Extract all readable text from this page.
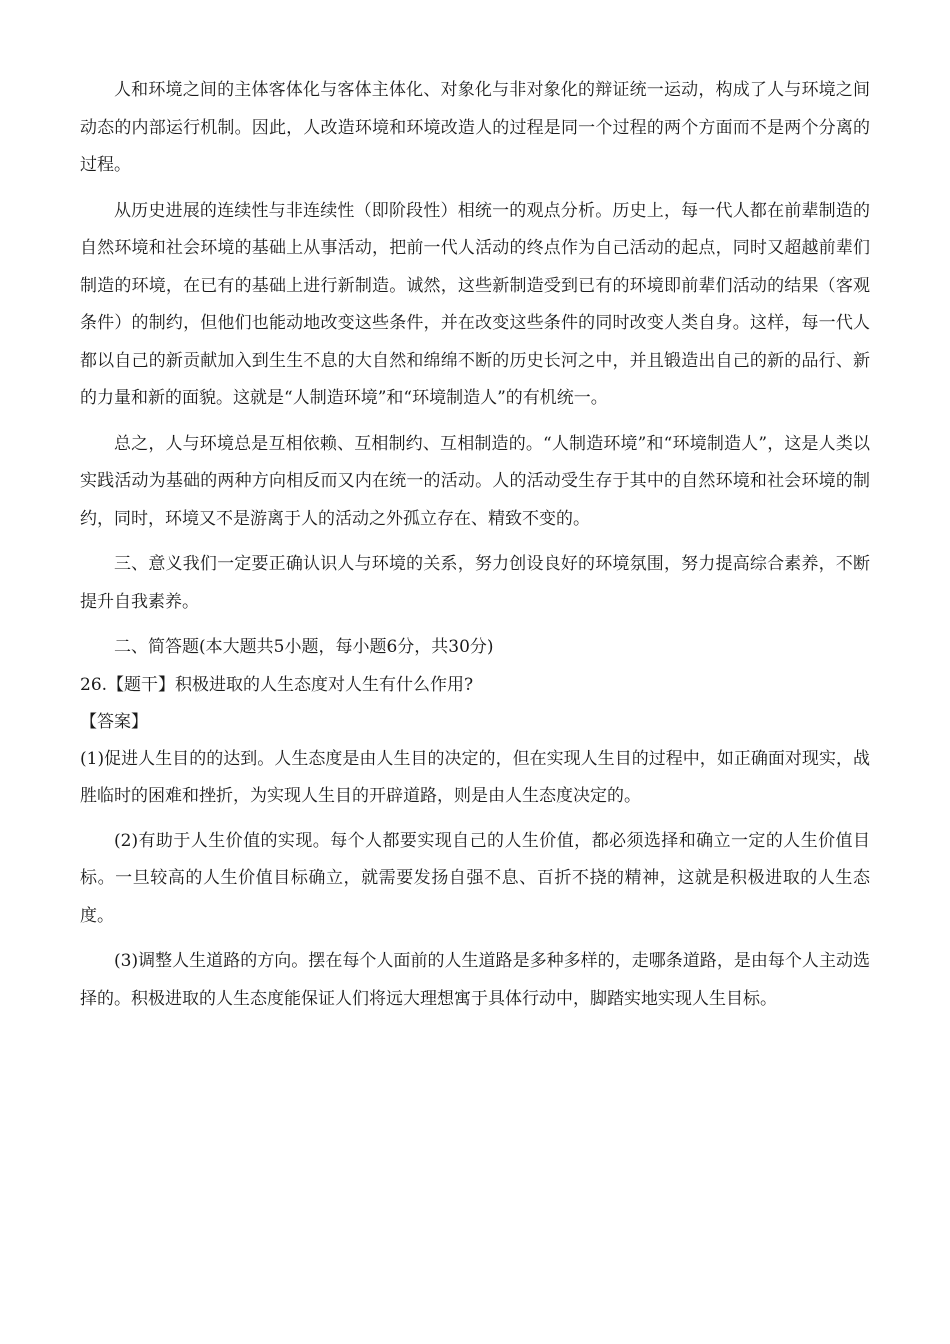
人和环境之间的主体客体化与客体主体化、对象化与非对象化的辩证统一运动，构成了人与环境之间动态的内部运行机制。因此，人改造环境和环境改造人的过程是同一个过程的两个方面而不是两个分离的过程。

从历史进展的连续性与非连续性（即阶段性）相统一的观点分析。历史上，每一代人都在前辈制造的自然环境和社会环境的基础上从事活动，把前一代人活动的终点作为自己活动的起点，同时又超越前辈们制造的环境，在已有的基础上进行新制造。诚然，这些新制造受到已有的环境即前辈们活动的结果（客观条件）的制约，但他们也能动地改变这些条件，并在改变这些条件的同时改变人类自身。这样，每一代人都以自己的新贡献加入到生生不息的大自然和绵绵不断的历史长河之中，并且锻造出自己的新的品行、新的力量和新的面貌。这就是“人制造环境”和“环境制造人”的有机统一。

总之，人与环境总是互相依赖、互相制约、互相制造的。“人制造环境”和“环境制造人”，这是人类以实践活动为基础的两种方向相反而又内在统一的活动。人的活动受生存于其中的自然环境和社会环境的制约，同时，环境又不是游离于人的活动之外孤立存在、精致不变的。

三、意义我们一定要正确认识人与环境的关系，努力创设良好的环境氛围，努力提高综合素养，不断提升自我素养。

二、简答题(本大题共5小题，每小题6分，共30分)

26.【题干】积极进取的人生态度对人生有什么作用?

【答案】

(1)促进人生目的的达到。人生态度是由人生目的决定的，但在实现人生目的过程中，如正确面对现实，战胜临时的困难和挫折，为实现人生目的开辟道路，则是由人生态度决定的。

(2)有助于人生价值的实现。每个人都要实现自己的人生价值，都必须选择和确立一定的人生价值目标。一旦较高的人生价值目标确立，就需要发扬自强不息、百折不挠的精神，这就是积极进取的人生态度。

(3)调整人生道路的方向。摆在每个人面前的人生道路是多种多样的，走哪条道路，是由每个人主动选择的。积极进取的人生态度能保证人们将远大理想寓于具体行动中，脚踏实地实现人生目标。
